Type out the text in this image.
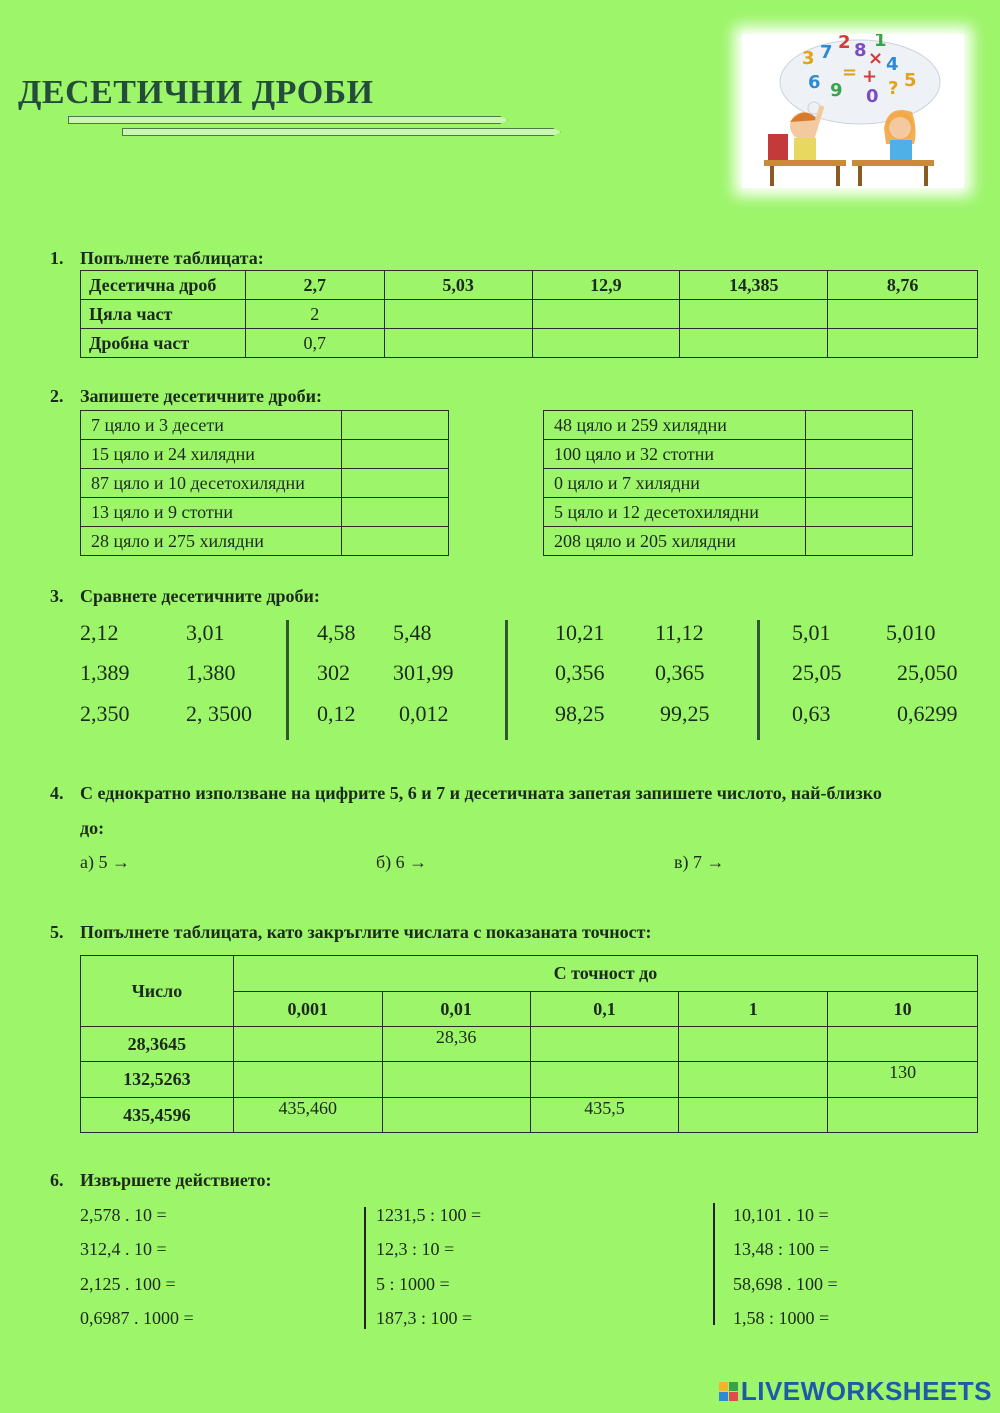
ДЕСЕТИЧНИ ДРОБИ
3 7 2 8 1
6 = +
4
9
×
0 ? 5
1. Попълнете таблицата:
Десетична дроб	2,7	5,03	12,9	14,385	8,76
Цяла част	2				
Дробна част	0,7				
2. Запишете десетичните дроби:
7 цяло и 3 десети	
15 цяло и 24 хилядни	
87 цяло и 10 десетохилядни	
13 цяло и 9 стотни	
28 цяло и 275 хилядни	
48 цяло и 259 хилядни	
100 цяло и 32 стотни	
0 цяло и 7 хилядни	
5 цяло и 12 десетохилядни	
208 цяло и 205 хилядни	
3. Сравнете десетичните дроби:
2,12	3,01
1,389	1,380
2,350	2, 3500
4,58 5,48
302 301,99
0,12 0,012
10,21 11,12
0,356 0,365
98,25	99,25
5,01	5,010
25,05	25,050
0,63	0,6299
4. С еднократно използване на цифрите 5, 6 и 7 и десетичната запетая запишете числото, най-близко
до:
а) 5 →	б) 6 →	в) 7 →
5. Попълнете таблицата, като закръглите числата с показаната точност:
Число	С точност до				
	0,001	0,01	0,1	1	10
28,3645		28,36			
132,5263					130
435,4596	435,460		435,5		
6. Извършете действието:
2,578 . 10 =
312,4 . 10 =
2,125 . 100 =
0,6987 . 1000 =
1231,5 : 100 =
12,3 : 10 =
5 : 1000 =
187,3 : 100 =
10,101 . 10 =
13,48 : 100 =
58,698 . 100 =
1,58 : 1000 =
LIVEWORKSHEETS
